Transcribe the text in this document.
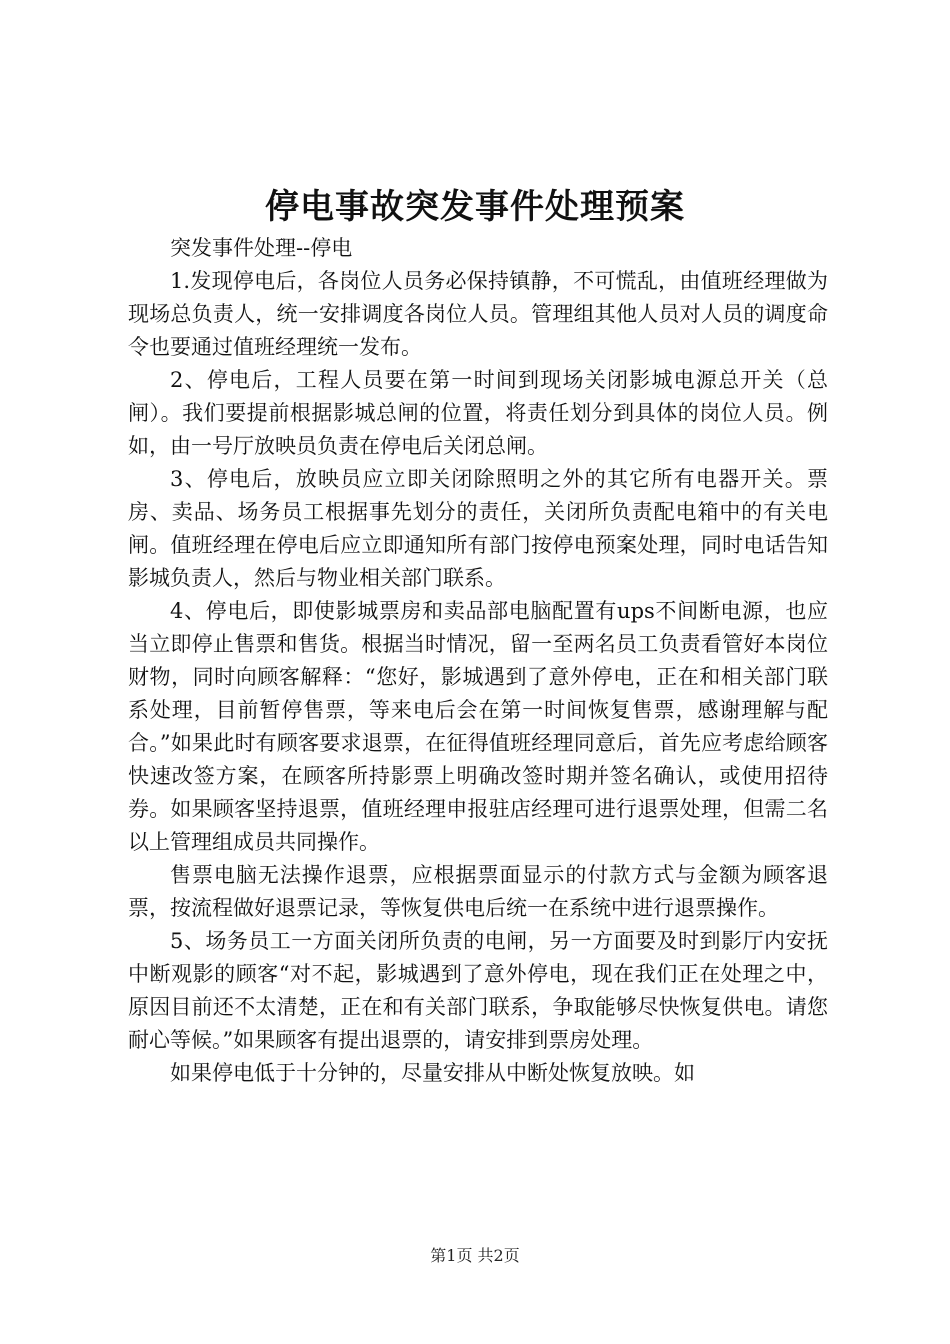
停电事故突发事件处理预案

突发事件处理--停电

1.发现停电后，各岗位人员务必保持镇静，不可慌乱，由值班经理做为现场总负责人，统一安排调度各岗位人员。管理组其他人员对人员的调度命令也要通过值班经理统一发布。

2、停电后，工程人员要在第一时间到现场关闭影城电源总开关（总闸）。我们要提前根据影城总闸的位置，将责任划分到具体的岗位人员。例如，由一号厅放映员负责在停电后关闭总闸。

3、停电后，放映员应立即关闭除照明之外的其它所有电器开关。票房、卖品、场务员工根据事先划分的责任，关闭所负责配电箱中的有关电闸。值班经理在停电后应立即通知所有部门按停电预案处理，同时电话告知影城负责人，然后与物业相关部门联系。

4、停电后，即使影城票房和卖品部电脑配置有ups不间断电源，也应当立即停止售票和售货。根据当时情况，留一至两名员工负责看管好本岗位财物，同时向顾客解释：“您好，影城遇到了意外停电，正在和相关部门联系处理，目前暂停售票，等来电后会在第一时间恢复售票，感谢理解与配合。”如果此时有顾客要求退票，在征得值班经理同意后，首先应考虑给顾客快速改签方案，在顾客所持影票上明确改签时期并签名确认，或使用招待券。如果顾客坚持退票，值班经理申报驻店经理可进行退票处理，但需二名以上管理组成员共同操作。

售票电脑无法操作退票，应根据票面显示的付款方式与金额为顾客退票，按流程做好退票记录，等恢复供电后统一在系统中进行退票操作。

5、场务员工一方面关闭所负责的电闸，另一方面要及时到影厅内安抚中断观影的顾客“对不起，影城遇到了意外停电，现在我们正在处理之中，原因目前还不太清楚，正在和有关部门联系，争取能够尽快恢复供电。请您耐心等候。”如果顾客有提出退票的，请安排到票房处理。

如果停电低于十分钟的，尽量安排从中断处恢复放映。如

第1页 共2页
